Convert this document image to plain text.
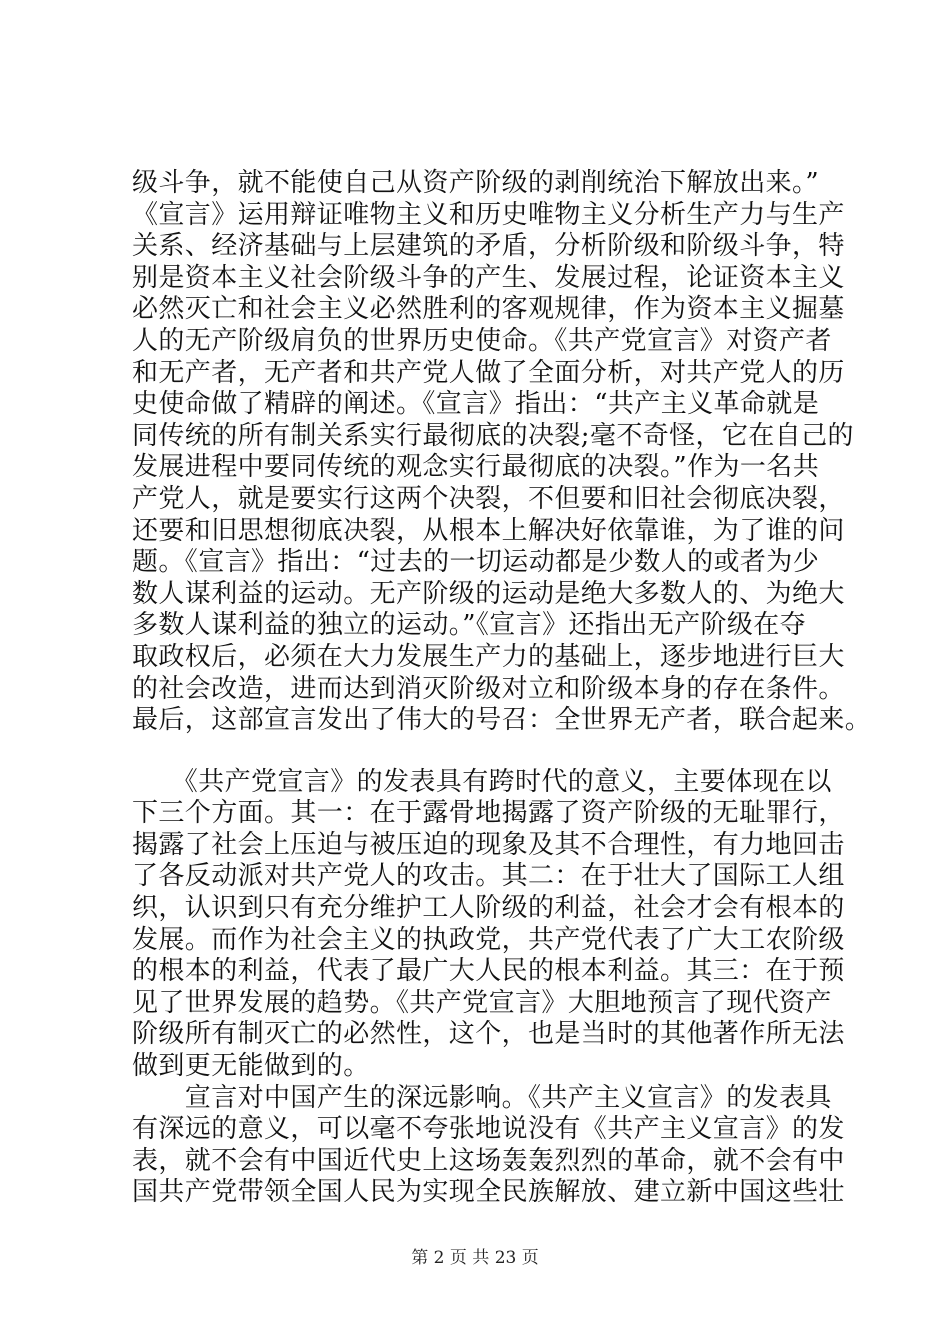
级斗争，就不能使自己从资产阶级的剥削统治下解放出来。”
《宣言》运用辩证唯物主义和历史唯物主义分析生产力与生产
关系、经济基础与上层建筑的矛盾，分析阶级和阶级斗争，特
别是资本主义社会阶级斗争的产生、发展过程，论证资本主义
必然灭亡和社会主义必然胜利的客观规律，作为资本主义掘墓
人的无产阶级肩负的世界历史使命。《共产党宣言》对资产者
和无产者，无产者和共产党人做了全面分析，对共产党人的历
史使命做了精辟的阐述。《宣言》指出：“共产主义革命就是
同传统的所有制关系实行最彻底的决裂;毫不奇怪，它在自己的
发展进程中要同传统的观念实行最彻底的决裂。”作为一名共
产党人，就是要实行这两个决裂，不但要和旧社会彻底决裂，
还要和旧思想彻底决裂，从根本上解决好依靠谁，为了谁的问
题。《宣言》指出：“过去的一切运动都是少数人的或者为少
数人谋利益的运动。无产阶级的运动是绝大多数人的、为绝大
多数人谋利益的独立的运动。”《宣言》还指出无产阶级在夺
取政权后，必须在大力发展生产力的基础上，逐步地进行巨大
的社会改造，进而达到消灭阶级对立和阶级本身的存在条件。
最后，这部宣言发出了伟大的号召：全世界无产者，联合起来。
　　《共产党宣言》的发表具有跨时代的意义，主要体现在以
下三个方面。其一：在于露骨地揭露了资产阶级的无耻罪行，
揭露了社会上压迫与被压迫的现象及其不合理性，有力地回击
了各反动派对共产党人的攻击。其二：在于壮大了国际工人组
织，认识到只有充分维护工人阶级的利益，社会才会有根本的
发展。而作为社会主义的执政党，共产党代表了广大工农阶级
的根本的利益，代表了最广大人民的根本利益。其三：在于预
见了世界发展的趋势。《共产党宣言》大胆地预言了现代资产
阶级所有制灭亡的必然性，这个，也是当时的其他著作所无法
做到更无能做到的。
　　宣言对中国产生的深远影响。《共产主义宣言》的发表具
有深远的意义，可以毫不夸张地说没有《共产主义宣言》的发
表，就不会有中国近代史上这场轰轰烈烈的革命，就不会有中
国共产党带领全国人民为实现全民族解放、建立新中国这些壮
第 2 页 共 23 页
